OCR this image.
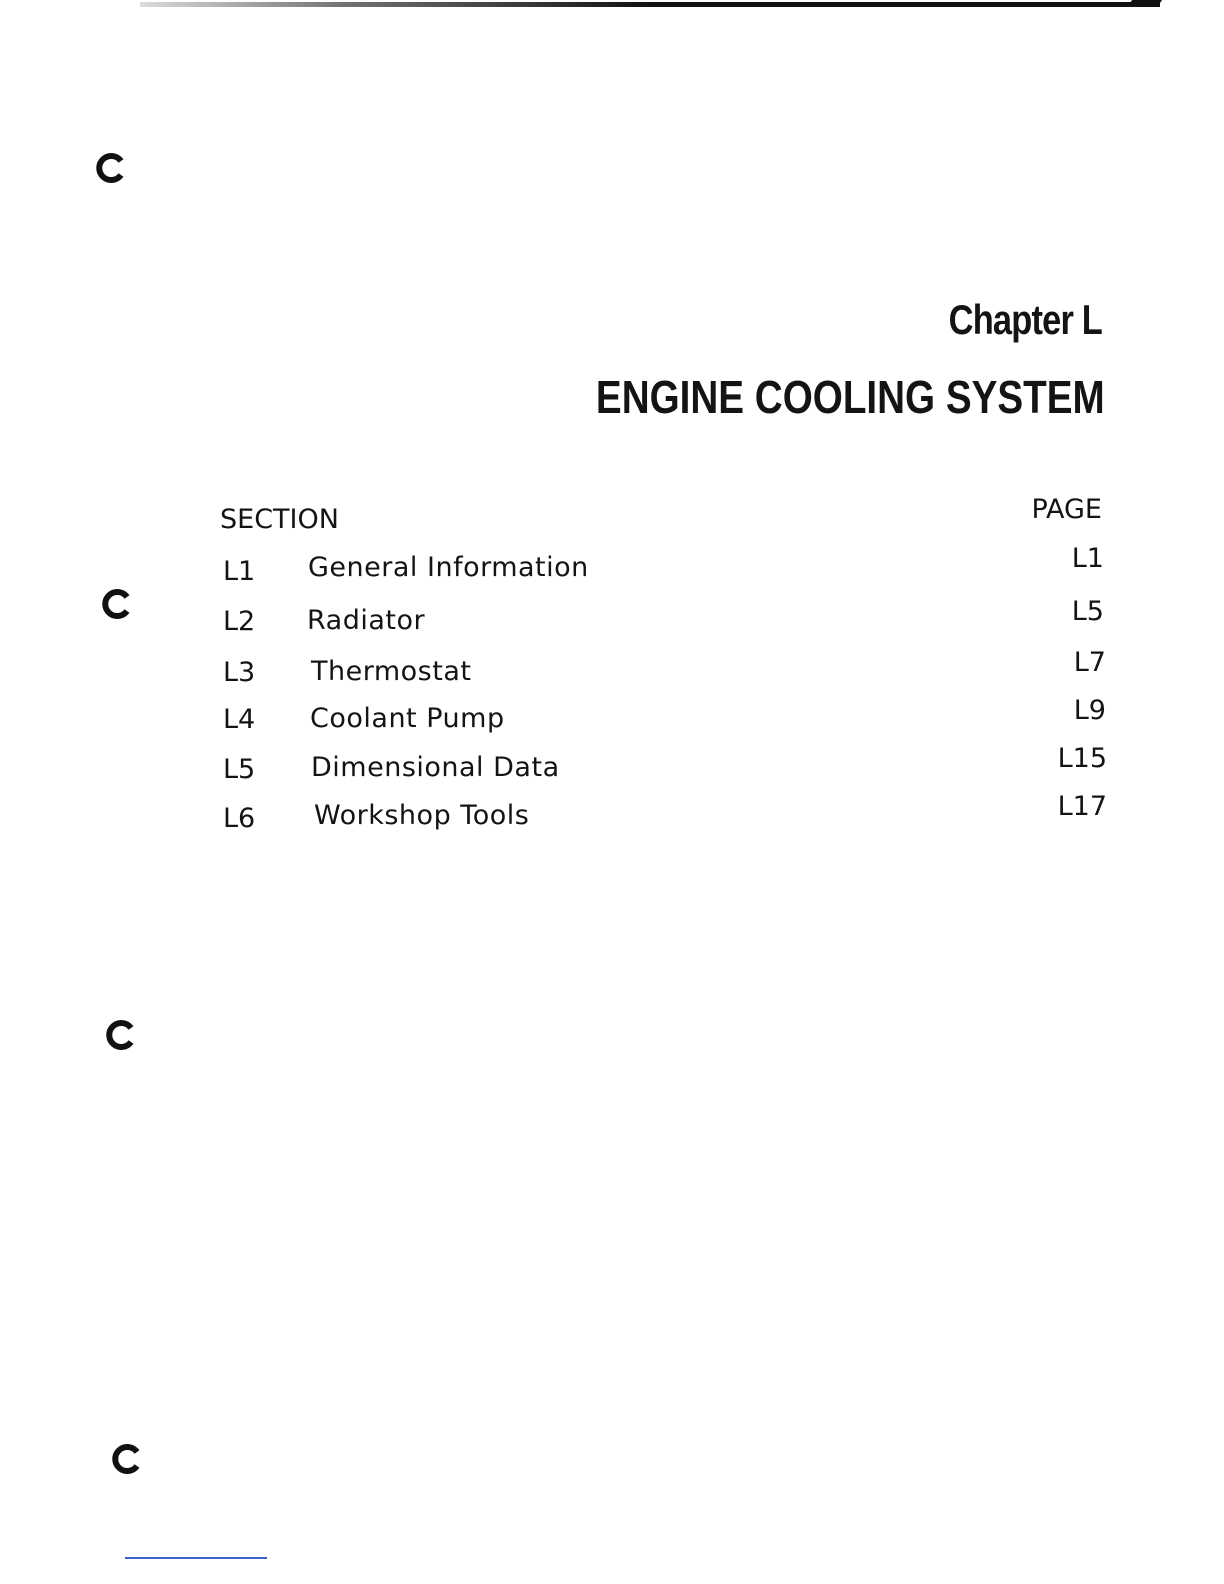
Chapter L
ENGINE COOLING SYSTEM
SECTION	PAGE
L1 General Information	L1
L2 Radiator	L5
L3 Thermostat	L7
L4 Coolant Pump	L9
L5 Dimensional Data	L15
L6 Workshop Tools	L17
